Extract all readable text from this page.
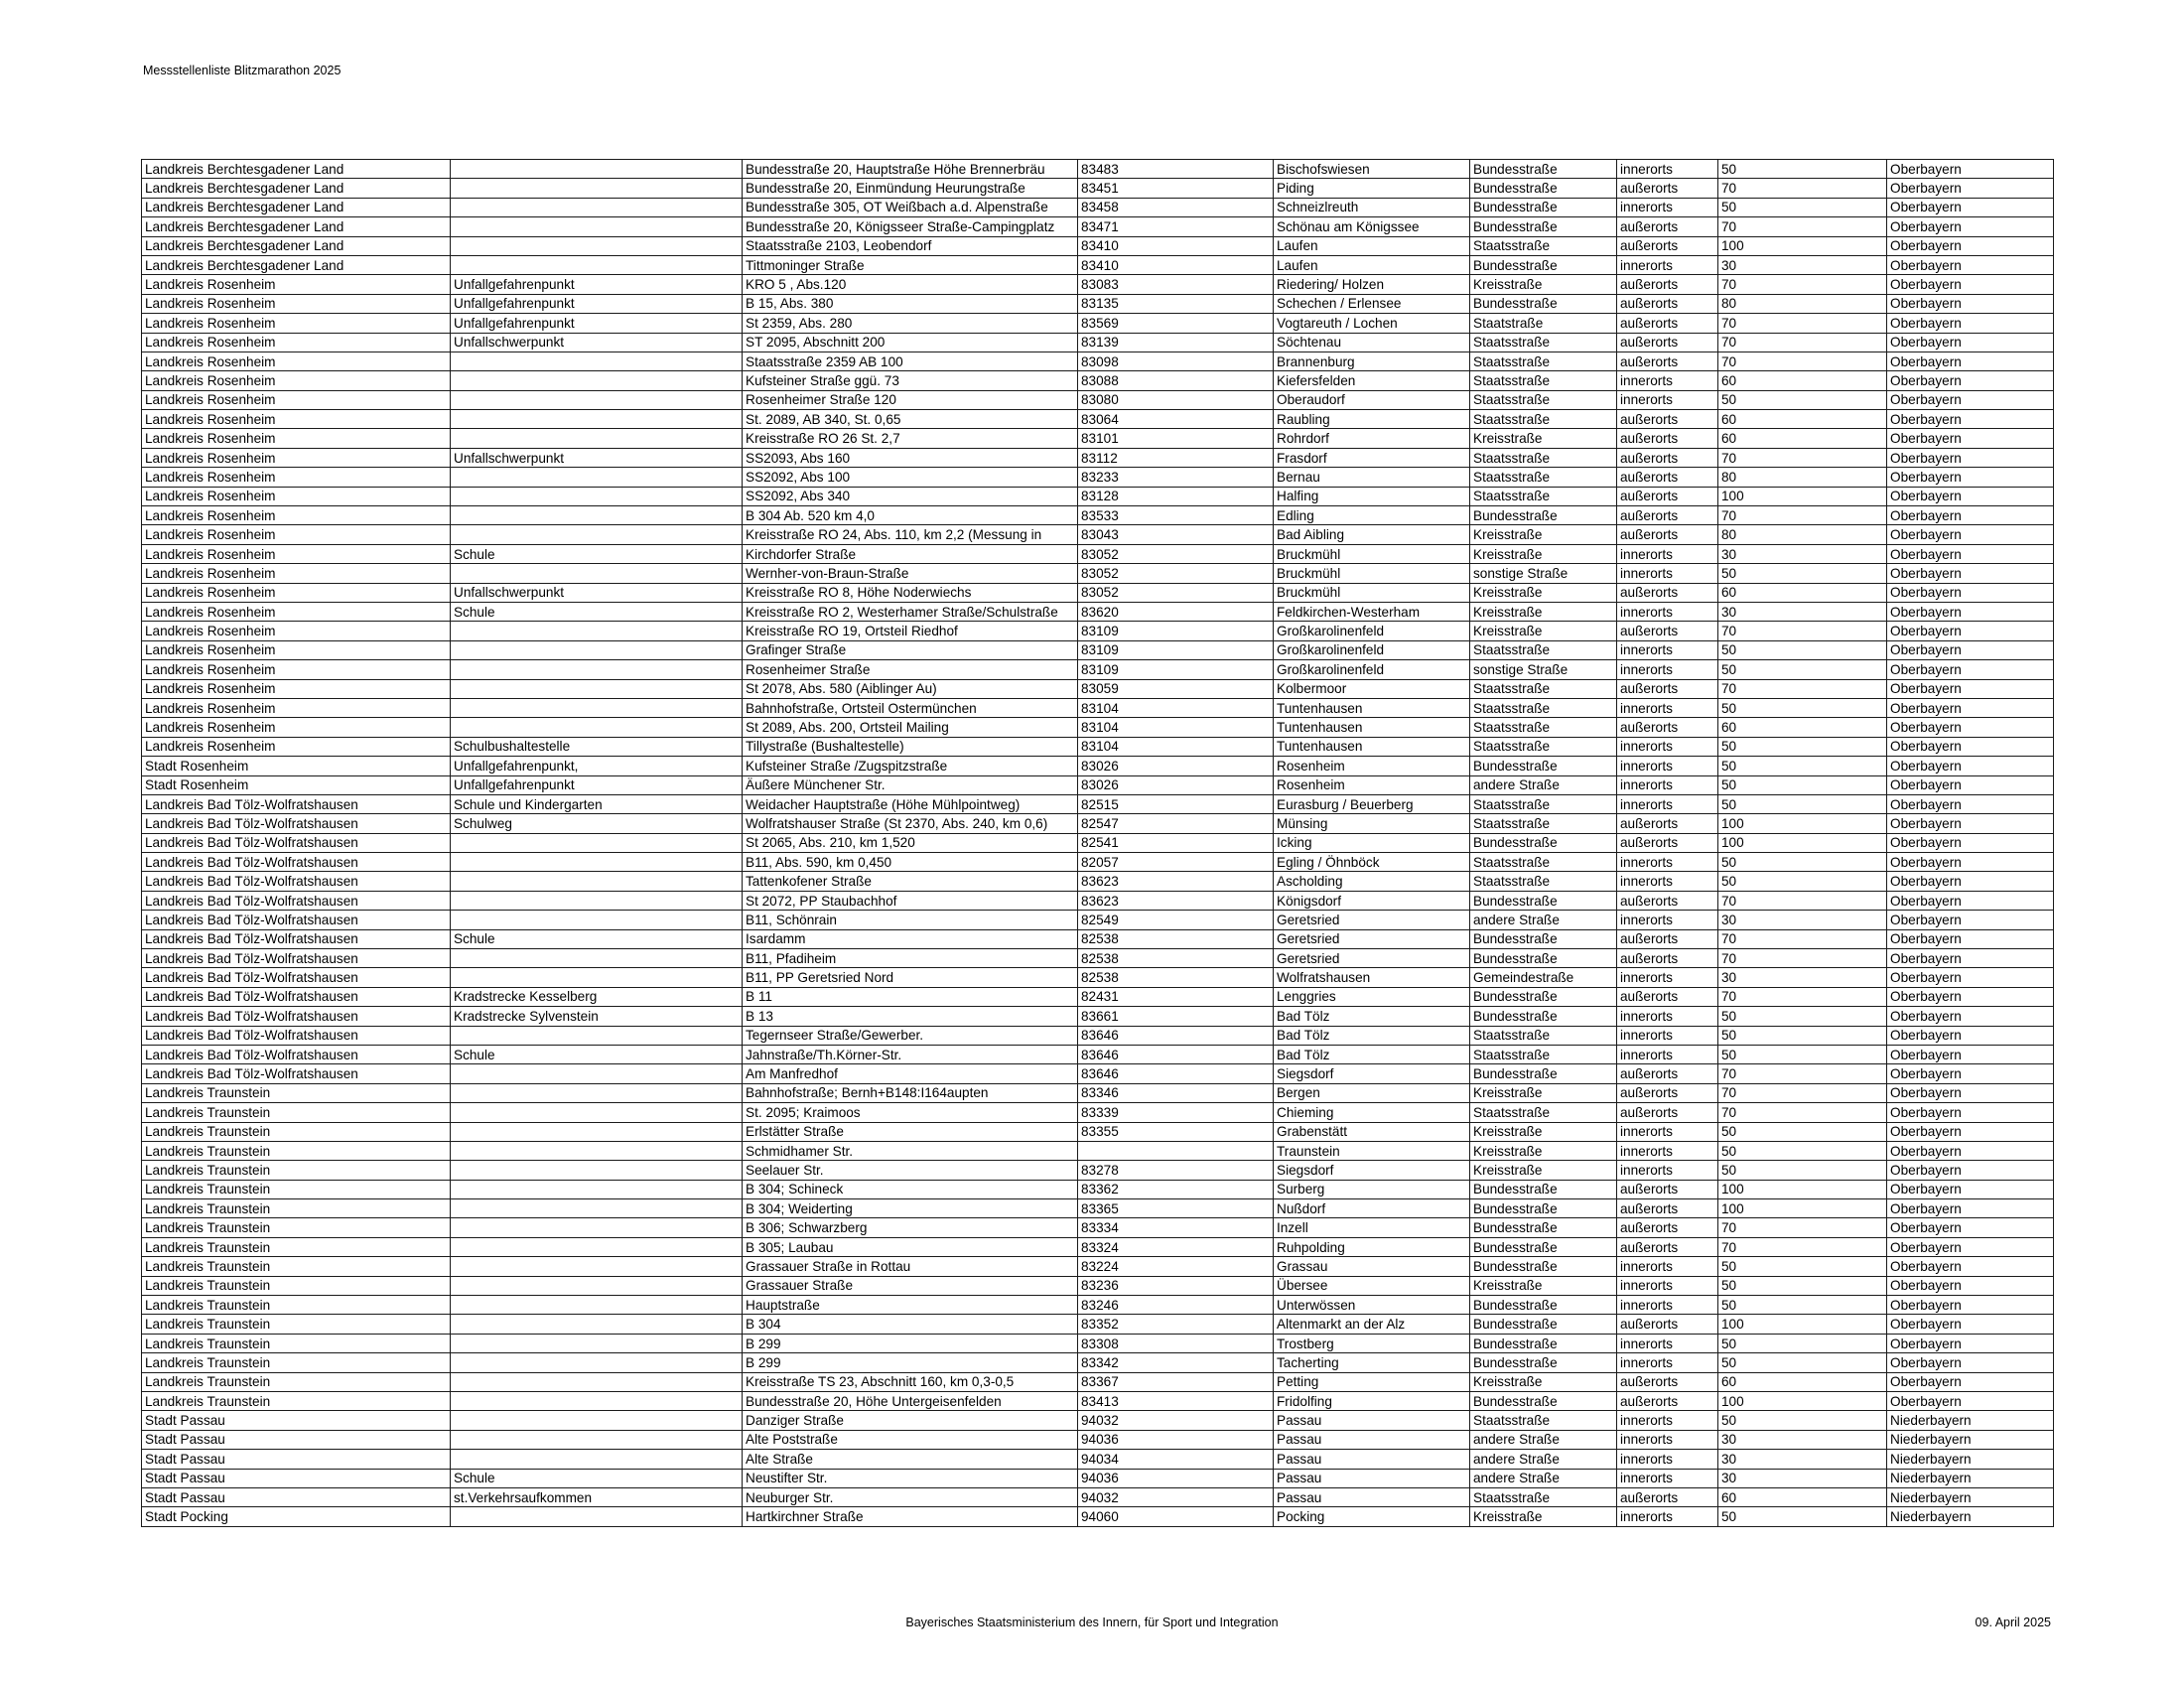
Messstellenliste Blitzmarathon 2025
Landkreis Berchtesgadener Land		Bundesstraße 20, Hauptstraße Höhe Brennerbräu	83483	Bischofswiesen	Bundesstraße	innerorts	50	Oberbayern
Landkreis Berchtesgadener Land		Bundesstraße 20, Einmündung Heurungstraße	83451	Piding	Bundesstraße	außerorts	70	Oberbayern
Landkreis Berchtesgadener Land		Bundesstraße 305, OT Weißbach a.d. Alpenstraße	83458	Schneizlreuth	Bundesstraße	innerorts	50	Oberbayern
Landkreis Berchtesgadener Land		Bundesstraße 20, Königsseer Straße-Campingplatz	83471	Schönau am Königssee	Bundesstraße	außerorts	70	Oberbayern
Landkreis Berchtesgadener Land		Staatsstraße 2103, Leobendorf	83410	Laufen	Staatsstraße	außerorts	100	Oberbayern
Landkreis Berchtesgadener Land		Tittmoninger Straße	83410	Laufen	Bundesstraße	innerorts	30	Oberbayern
Landkreis Rosenheim	Unfallgefahrenpunkt	KRO 5 , Abs.120	83083	Riedering/ Holzen	Kreisstraße	außerorts	70	Oberbayern
Landkreis Rosenheim	Unfallgefahrenpunkt	B 15, Abs. 380	83135	Schechen / Erlensee	Bundesstraße	außerorts	80	Oberbayern
Landkreis Rosenheim	Unfallgefahrenpunkt	St 2359, Abs. 280	83569	Vogtareuth / Lochen	Staatstraße	außerorts	70	Oberbayern
Landkreis Rosenheim	Unfallschwerpunkt	ST 2095, Abschnitt 200	83139	Söchtenau	Staatsstraße	außerorts	70	Oberbayern
Landkreis Rosenheim		Staatsstraße 2359 AB 100	83098	Brannenburg	Staatsstraße	außerorts	70	Oberbayern
Landkreis Rosenheim		Kufsteiner Straße ggü. 73	83088	Kiefersfelden	Staatsstraße	innerorts	60	Oberbayern
Landkreis Rosenheim		Rosenheimer Straße 120	83080	Oberaudorf	Staatsstraße	innerorts	50	Oberbayern
Landkreis Rosenheim		St. 2089, AB 340, St. 0,65	83064	Raubling	Staatsstraße	außerorts	60	Oberbayern
Landkreis Rosenheim		Kreisstraße RO 26 St. 2,7	83101	Rohrdorf	Kreisstraße	außerorts	60	Oberbayern
Landkreis Rosenheim	Unfallschwerpunkt	SS2093, Abs 160	83112	Frasdorf	Staatsstraße	außerorts	70	Oberbayern
Landkreis Rosenheim		SS2092, Abs 100	83233	Bernau	Staatsstraße	außerorts	80	Oberbayern
Landkreis Rosenheim		SS2092, Abs 340	83128	Halfing	Staatsstraße	außerorts	100	Oberbayern
Landkreis Rosenheim		B 304 Ab. 520 km 4,0	83533	Edling	Bundesstraße	außerorts	70	Oberbayern
Landkreis Rosenheim		Kreisstraße RO 24, Abs. 110, km 2,2 (Messung in	83043	Bad Aibling	Kreisstraße	außerorts	80	Oberbayern
Landkreis Rosenheim	Schule	Kirchdorfer Straße	83052	Bruckmühl	Kreisstraße	innerorts	30	Oberbayern
Landkreis Rosenheim		Wernher-von-Braun-Straße	83052	Bruckmühl	sonstige Straße	innerorts	50	Oberbayern
Landkreis Rosenheim	Unfallschwerpunkt	Kreisstraße RO 8, Höhe Noderwiechs	83052	Bruckmühl	Kreisstraße	außerorts	60	Oberbayern
Landkreis Rosenheim	Schule	Kreisstraße RO 2, Westerhamer Straße/Schulstraße	83620	Feldkirchen-Westerham	Kreisstraße	innerorts	30	Oberbayern
Landkreis Rosenheim		Kreisstraße RO 19, Ortsteil Riedhof	83109	Großkarolinenfeld	Kreisstraße	außerorts	70	Oberbayern
Landkreis Rosenheim		Grafinger Straße	83109	Großkarolinenfeld	Staatsstraße	innerorts	50	Oberbayern
Landkreis Rosenheim		Rosenheimer Straße	83109	Großkarolinenfeld	sonstige Straße	innerorts	50	Oberbayern
Landkreis Rosenheim		St 2078, Abs. 580 (Aiblinger Au)	83059	Kolbermoor	Staatsstraße	außerorts	70	Oberbayern
Landkreis Rosenheim		Bahnhofstraße, Ortsteil Ostermünchen	83104	Tuntenhausen	Staatsstraße	innerorts	50	Oberbayern
Landkreis Rosenheim		St 2089, Abs. 200, Ortsteil Mailing	83104	Tuntenhausen	Staatsstraße	außerorts	60	Oberbayern
Landkreis Rosenheim	Schulbushaltestelle	Tillystraße (Bushaltestelle)	83104	Tuntenhausen	Staatsstraße	innerorts	50	Oberbayern
Stadt Rosenheim	Unfallgefahrenpunkt,	Kufsteiner Straße /Zugspitzstraße	83026	Rosenheim	Bundesstraße	innerorts	50	Oberbayern
Stadt Rosenheim	Unfallgefahrenpunkt	Äußere Münchener Str.	83026	Rosenheim	andere Straße	innerorts	50	Oberbayern
Landkreis Bad Tölz-Wolfratshausen	Schule und Kindergarten	Weidacher Hauptstraße (Höhe Mühlpointweg)	82515	Eurasburg / Beuerberg	Staatsstraße	innerorts	50	Oberbayern
Landkreis Bad Tölz-Wolfratshausen	Schulweg	Wolfratshauser Straße (St 2370, Abs. 240, km 0,6)	82547	Münsing	Staatsstraße	außerorts	100	Oberbayern
Landkreis Bad Tölz-Wolfratshausen		St 2065, Abs. 210, km 1,520	82541	Icking	Bundesstraße	außerorts	100	Oberbayern
Landkreis Bad Tölz-Wolfratshausen		B11, Abs. 590, km 0,450	82057	Egling / Öhnböck	Staatsstraße	innerorts	50	Oberbayern
Landkreis Bad Tölz-Wolfratshausen		Tattenkofener Straße	83623	Ascholding	Staatsstraße	innerorts	50	Oberbayern
Landkreis Bad Tölz-Wolfratshausen		St 2072, PP Staubachhof	83623	Königsdorf	Bundesstraße	außerorts	70	Oberbayern
Landkreis Bad Tölz-Wolfratshausen		B11, Schönrain	82549	Geretsried	andere Straße	innerorts	30	Oberbayern
Landkreis Bad Tölz-Wolfratshausen	Schule	Isardamm	82538	Geretsried	Bundesstraße	außerorts	70	Oberbayern
Landkreis Bad Tölz-Wolfratshausen		B11, Pfadiheim	82538	Geretsried	Bundesstraße	außerorts	70	Oberbayern
Landkreis Bad Tölz-Wolfratshausen		B11, PP Geretsried Nord	82538	Wolfratshausen	Gemeindestraße	innerorts	30	Oberbayern
Landkreis Bad Tölz-Wolfratshausen	Kradstrecke Kesselberg	B 11	82431	Lenggries	Bundesstraße	außerorts	70	Oberbayern
Landkreis Bad Tölz-Wolfratshausen	Kradstrecke Sylvenstein	B 13	83661	Bad Tölz	Bundesstraße	innerorts	50	Oberbayern
Landkreis Bad Tölz-Wolfratshausen		Tegernseer Straße/Gewerber.	83646	Bad Tölz	Staatsstraße	innerorts	50	Oberbayern
Landkreis Bad Tölz-Wolfratshausen	Schule	Jahnstraße/Th.Körner-Str.	83646	Bad Tölz	Staatsstraße	innerorts	50	Oberbayern
Landkreis Bad Tölz-Wolfratshausen		Am Manfredhof	83646	Siegsdorf	Bundesstraße	außerorts	70	Oberbayern
Landkreis Traunstein		Bahnhofstraße; Bernh+B148:I164aupten	83346	Bergen	Kreisstraße	außerorts	70	Oberbayern
Landkreis Traunstein		St. 2095; Kraimoos	83339	Chieming	Staatsstraße	außerorts	70	Oberbayern
Landkreis Traunstein		Erlstätter Straße	83355	Grabenstätt	Kreisstraße	innerorts	50	Oberbayern
Landkreis Traunstein		Schmidhamer Str.		Traunstein	Kreisstraße	innerorts	50	Oberbayern
Landkreis Traunstein		Seelauer Str.	83278	Siegsdorf	Kreisstraße	innerorts	50	Oberbayern
Landkreis Traunstein		B 304; Schineck	83362	Surberg	Bundesstraße	außerorts	100	Oberbayern
Landkreis Traunstein		B 304; Weiderting	83365	Nußdorf	Bundesstraße	außerorts	100	Oberbayern
Landkreis Traunstein		B 306; Schwarzberg	83334	Inzell	Bundesstraße	außerorts	70	Oberbayern
Landkreis Traunstein		B 305; Laubau	83324	Ruhpolding	Bundesstraße	außerorts	70	Oberbayern
Landkreis Traunstein		Grassauer Straße in Rottau	83224	Grassau	Bundesstraße	innerorts	50	Oberbayern
Landkreis Traunstein		Grassauer Straße	83236	Übersee	Kreisstraße	innerorts	50	Oberbayern
Landkreis Traunstein		Hauptstraße	83246	Unterwössen	Bundesstraße	innerorts	50	Oberbayern
Landkreis Traunstein		B 304	83352	Altenmarkt an der Alz	Bundesstraße	außerorts	100	Oberbayern
Landkreis Traunstein		B 299	83308	Trostberg	Bundesstraße	innerorts	50	Oberbayern
Landkreis Traunstein		B 299	83342	Tacherting	Bundesstraße	innerorts	50	Oberbayern
Landkreis Traunstein		Kreisstraße TS 23, Abschnitt 160, km 0,3-0,5	83367	Petting	Kreisstraße	außerorts	60	Oberbayern
Landkreis Traunstein		Bundesstraße 20, Höhe Untergeisenfelden	83413	Fridolfing	Bundesstraße	außerorts	100	Oberbayern
Stadt Passau		Danziger Straße	94032	Passau	Staatsstraße	innerorts	50	Niederbayern
Stadt Passau		Alte Poststraße	94036	Passau	andere Straße	innerorts	30	Niederbayern
Stadt Passau		Alte Straße	94034	Passau	andere Straße	innerorts	30	Niederbayern
Stadt Passau	Schule	Neustifter Str.	94036	Passau	andere Straße	innerorts	30	Niederbayern
Stadt Passau	st.Verkehrsaufkommen	Neuburger Str.	94032	Passau	Staatsstraße	außerorts	60	Niederbayern
Stadt Pocking		Hartkirchner Straße	94060	Pocking	Kreisstraße	innerorts	50	Niederbayern
Bayerisches Staatsministerium des Innern, für Sport und Integration	09. April 2025
